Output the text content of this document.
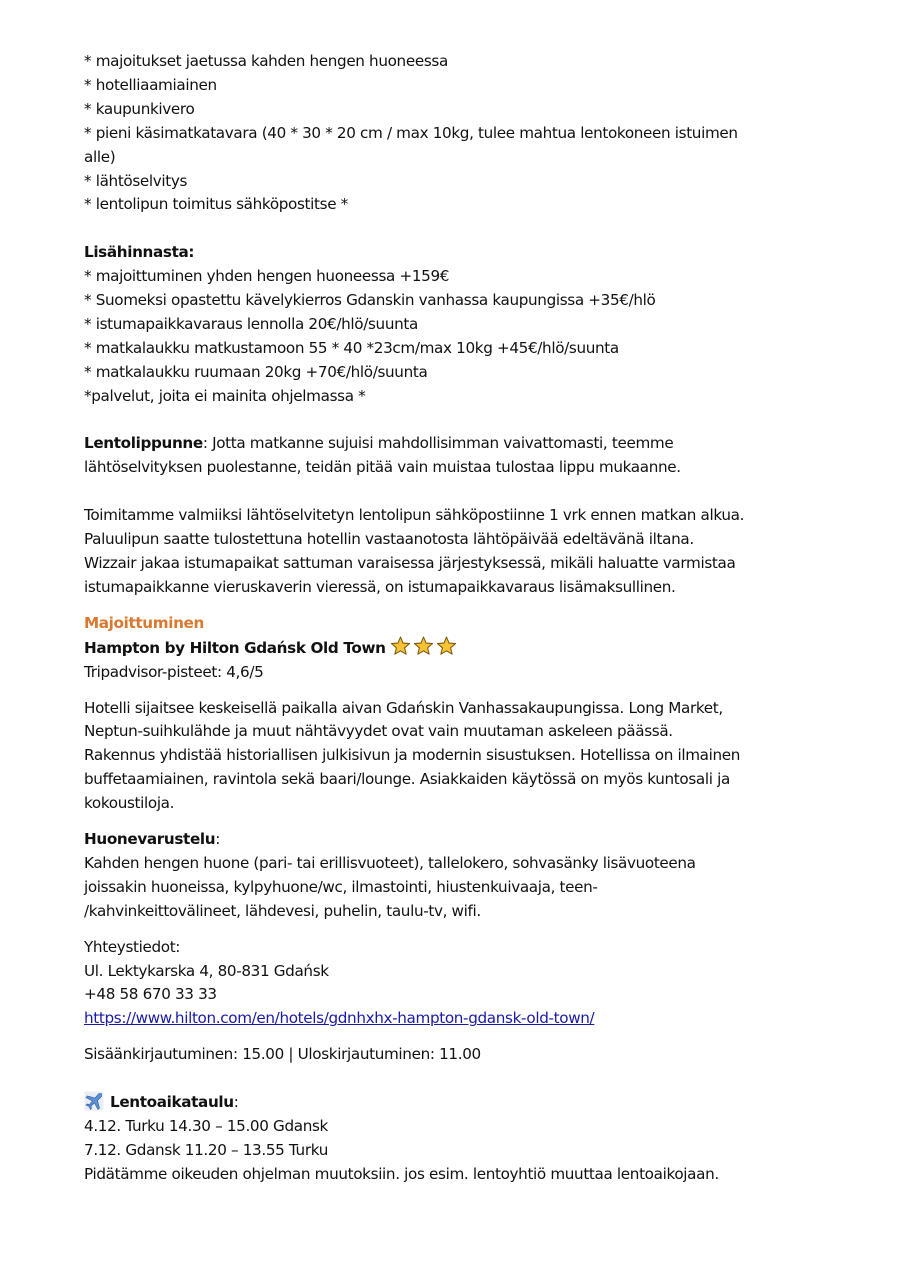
* majoitukset jaetussa kahden hengen huoneessa
* hotelliaamiainen
* kaupunkivero
* pieni käsimatkatavara (40 * 30 * 20 cm / max 10kg, tulee mahtua lentokoneen istuimen
alle)
* lähtöselvitys
* lentolipun toimitus sähköpostitse *
Lisähinnasta:
* majoittuminen yhden hengen huoneessa +159€
* Suomeksi opastettu kävelykierros Gdanskin vanhassa kaupungissa +35€/hlö
* istumapaikkavaraus lennolla 20€/hlö/suunta
* matkalaukku matkustamoon 55 * 40 *23cm/max 10kg +45€/hlö/suunta
* matkalaukku ruumaan 20kg +70€/hlö/suunta
*palvelut, joita ei mainita ohjelmassa *
Lentolippunne: Jotta matkanne sujuisi mahdollisimman vaivattomasti, teemme
lähtöselvityksen puolestanne, teidän pitää vain muistaa tulostaa lippu mukaanne.
Toimitamme valmiiksi lähtöselvitetyn lentolipun sähköpostiinne 1 vrk ennen matkan alkua.
Paluulipun saatte tulostettuna hotellin vastaanotosta lähtöpäivää edeltävänä iltana.
Wizzair jakaa istumapaikat sattuman varaisessa järjestyksessä, mikäli haluatte varmistaa
istumapaikkanne vieruskaverin vieressä, on istumapaikkavaraus lisämaksullinen.
Majoittuminen
Hampton by Hilton Gdańsk Old Town
Tripadvisor-pisteet: 4,6/5
Hotelli sijaitsee keskeisellä paikalla aivan Gdańskin Vanhassakaupungissa. Long Market,
Neptun-suihkulähde ja muut nähtävyydet ovat vain muutaman askeleen päässä.
Rakennus yhdistää historiallisen julkisivun ja modernin sisustuksen. Hotellissa on ilmainen
buffetaamiainen, ravintola sekä baari/lounge. Asiakkaiden käytössä on myös kuntosali ja
kokoustiloja.
Huonevarustelu:
Kahden hengen huone (pari- tai erillisvuoteet), tallelokero, sohvasänky lisävuoteena
joissakin huoneissa, kylpyhuone/wc, ilmastointi, hiustenkuivaaja, teen-
/kahvinkeittovälineet, lähdevesi, puhelin, taulu-tv, wifi.
Yhteystiedot:
Ul. Lektykarska 4, 80-831 Gdańsk
+48 58 670 33 33
https://www.hilton.com/en/hotels/gdnhxhx-hampton-gdansk-old-town/
Sisäänkirjautuminen: 15.00 | Uloskirjautuminen: 11.00
Lentoaikataulu:
4.12. Turku 14.30 – 15.00 Gdansk
7.12. Gdansk 11.20 – 13.55 Turku
Pidätämme oikeuden ohjelman muutoksiin. jos esim. lentoyhtiö muuttaa lentoaikojaan.
